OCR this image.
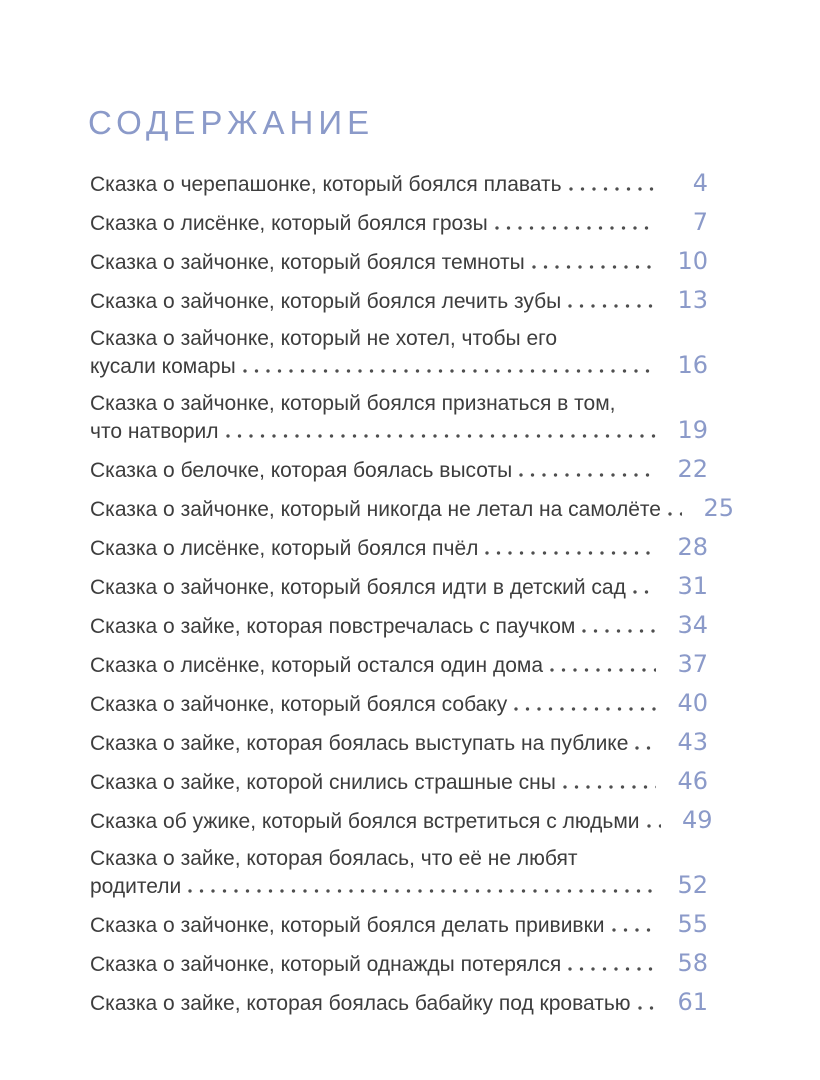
СОДЕРЖАНИЕ
Сказка о черепашонке, который боялся плавать	4
Сказка о лисёнке, который боялся грозы	7
Сказка о зайчонке, который боялся темноты	10
Сказка о зайчонке, который боялся лечить зубы	13
Сказка о зайчонке, который не хотел, чтобы его
кусали комары	16
Сказка о зайчонке, который боялся признаться в том,
что натворил	19
Сказка о белочке, которая боялась высоты	22
Сказка о зайчонке, который никогда не летал на самолёте	25
Сказка о лисёнке, который боялся пчёл	28
Сказка о зайчонке, который боялся идти в детский сад	31
Сказка о зайке, которая повстречалась с паучком	34
Сказка о лисёнке, который остался один дома	37
Сказка о зайчонке, который боялся собаку	40
Сказка о зайке, которая боялась выступать на публике	43
Сказка о зайке, которой снились страшные сны	46
Сказка об ужике, который боялся встретиться с людьми	49
Сказка о зайке, которая боялась, что её не любят
родители	52
Сказка о зайчонке, который боялся делать прививки	55
Сказка о зайчонке, который однажды потерялся	58
Сказка о зайке, которая боялась бабайку под кроватью	61
